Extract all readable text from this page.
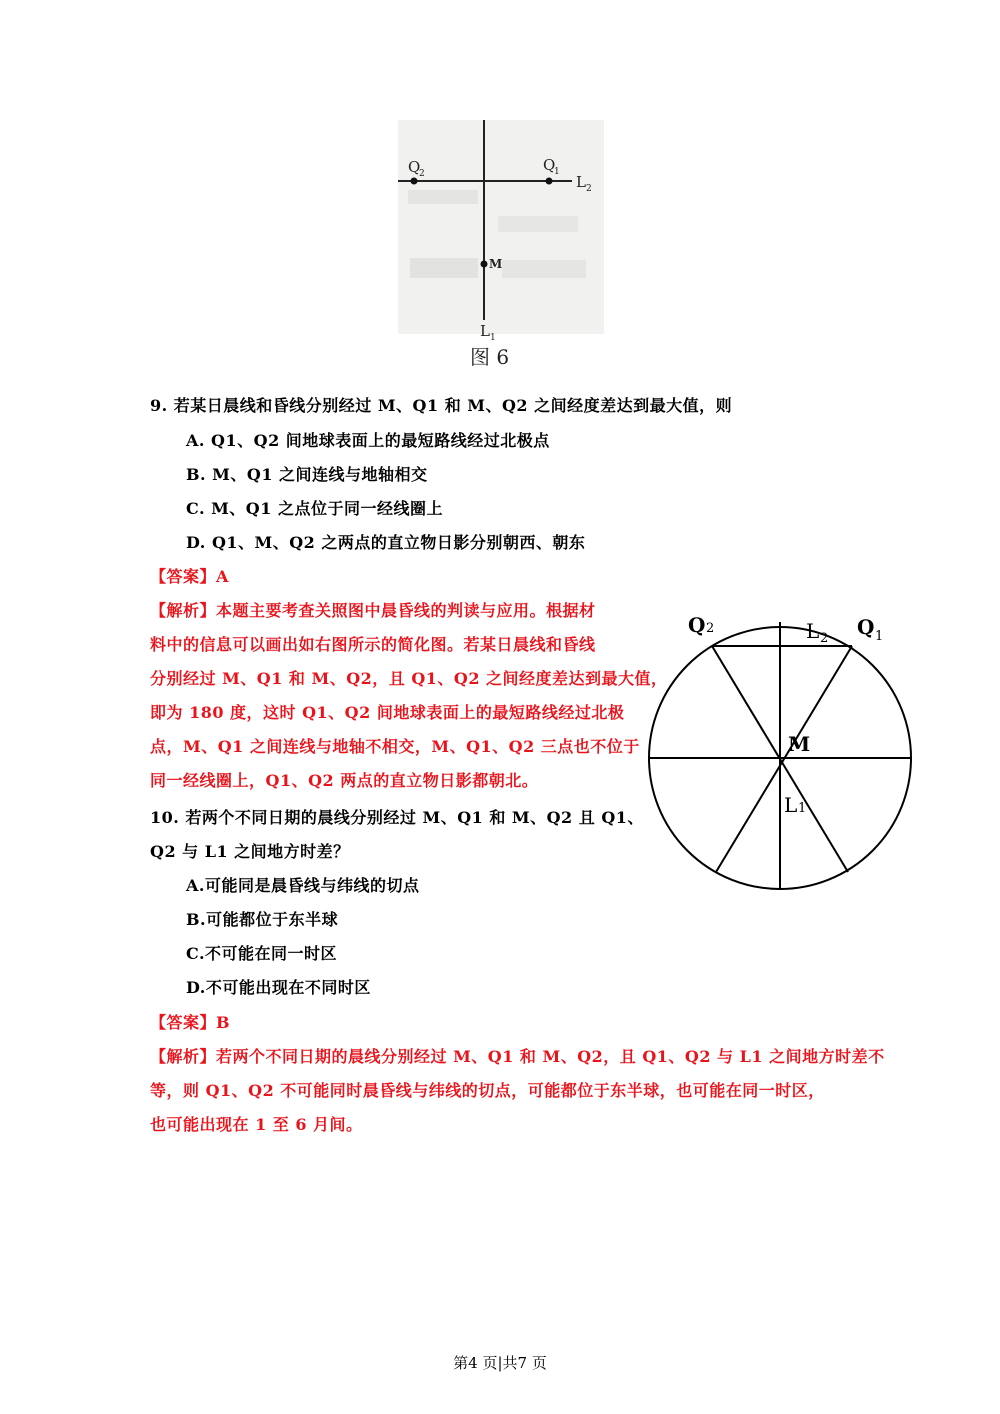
Q
2	Q
1
L 2
M
L 1
图 6
9. 若某日晨线和昏线分别经过 M、Q1 和 M、Q2 之间经度差达到最大值，则
A. Q1、Q2 间地球表面上的最短路线经过北极点
B. M、Q1 之间连线与地轴相交
C. M、Q1 之点位于同一经线圈上
D. Q1、M、Q2 之两点的直立物日影分别朝西、朝东
【答案】A
【解析】本题主要考查关照图中晨昏线的判读与应用。根据材
料中的信息可以画出如右图所示的简化图。若某日晨线和昏线
分别经过 M、Q1 和 M、Q2，且 Q1、Q2 之间经度差达到最大值，
即为 180 度，这时 Q1、Q2 间地球表面上的最短路线经过北极
点，M、Q1 之间连线与地轴不相交，M、Q1、Q2 三点也不位于
同一经线圈上，Q1、Q2 两点的直立物日影都朝北。
Q 2	L 2 Q 1
M
L 1
10. 若两个不同日期的晨线分别经过 M、Q1 和 M、Q2 且 Q1、
Q2 与 L1 之间地方时差？
A.可能同是晨昏线与纬线的切点
B.可能都位于东半球
C.不可能在同一时区
D.不可能出现在不同时区
【答案】B
【解析】若两个不同日期的晨线分别经过 M、Q1 和 M、Q2，且 Q1、Q2 与 L1 之间地方时差不
等，则 Q1、Q2 不可能同时晨昏线与纬线的切点，可能都位于东半球，也可能在同一时区，
也可能出现在 1 至 6 月间。
第4 页|共7 页
